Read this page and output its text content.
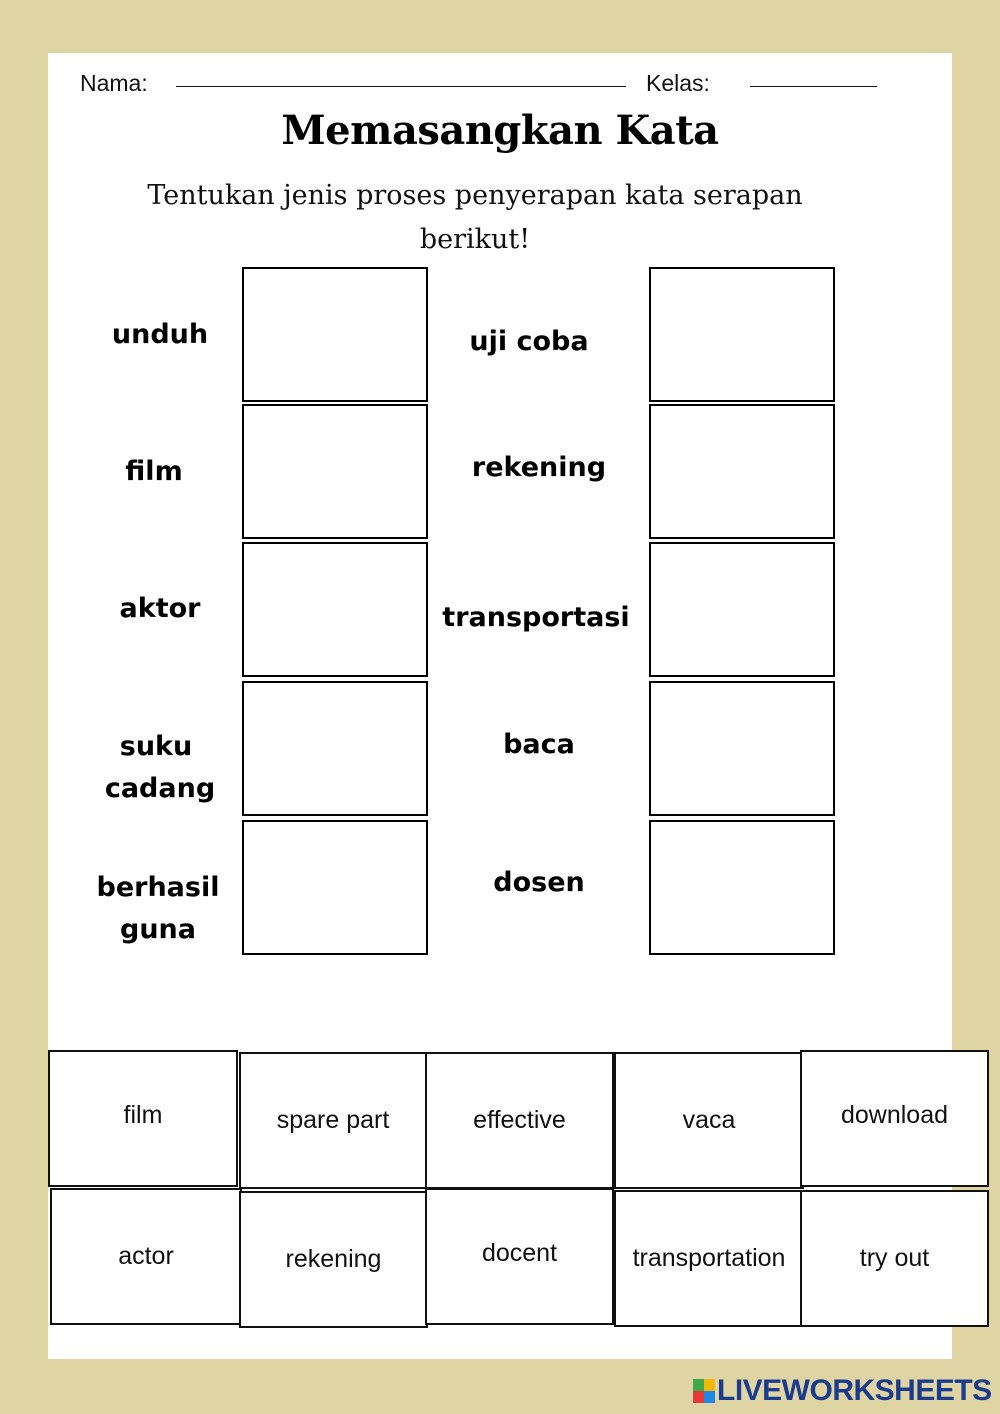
Nama:	Kelas:
Memasangkan Kata
Tentukan jenis proses penyerapan kata serapan berikut!
unduh
film
aktor
suku
cadang
berhasil
guna
uji coba
rekening
transportasi
baca
dosen
film	spare part	effective	vaca	download
actor	rekening	docent	transportation	try out
LIVEWORKSHEETS
